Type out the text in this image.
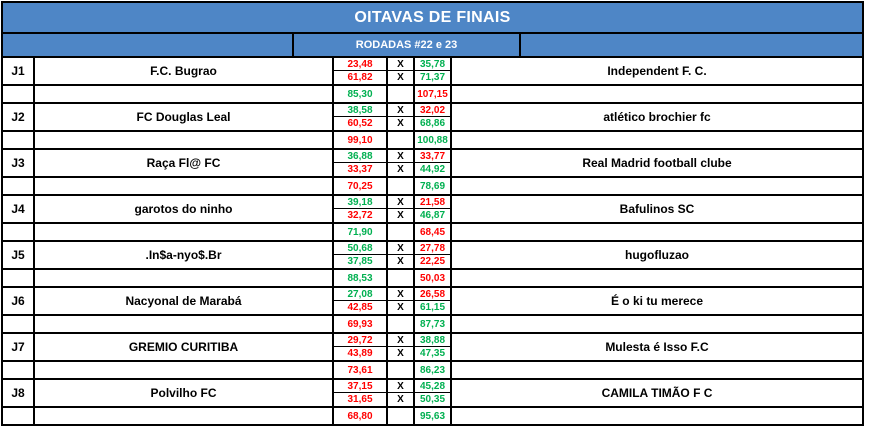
OITAVAS DE FINAIS
RODADAS #22 e 23
J1	F.C. Bugrao	23,48	X	35,78	Independent F. C.
61,82	X	71,37
85,30	107,15
J2	FC Douglas Leal	38,58	X	32,02	atlético brochier fc
60,52	X	68,86
99,10	100,88
J3	Raça Fl@ FC	36,88	X	33,77	Real Madrid football clube
33,37	X	44,92
70,25	78,69
J4	garotos do ninho	39,18	X	21,58	Bafulinos SC
32,72	X	46,87
71,90	68,45
J5	.In$a-nyo$.Br	50,68	X	27,78	hugofluzao
37,85	X	22,25
88,53	50,03
J6	Nacyonal de Marabá	27,08	X	26,58	É o ki tu merece
42,85	X	61,15
69,93	87,73
J7	GREMIO CURITIBA	29,72	X	38,88	Mulesta é Isso F.C
43,89	X	47,35
73,61	86,23
J8	Polvilho FC	37,15	X	45,28	CAMILA TIMÃO F C
31,65	X	50,35
68,80	95,63
